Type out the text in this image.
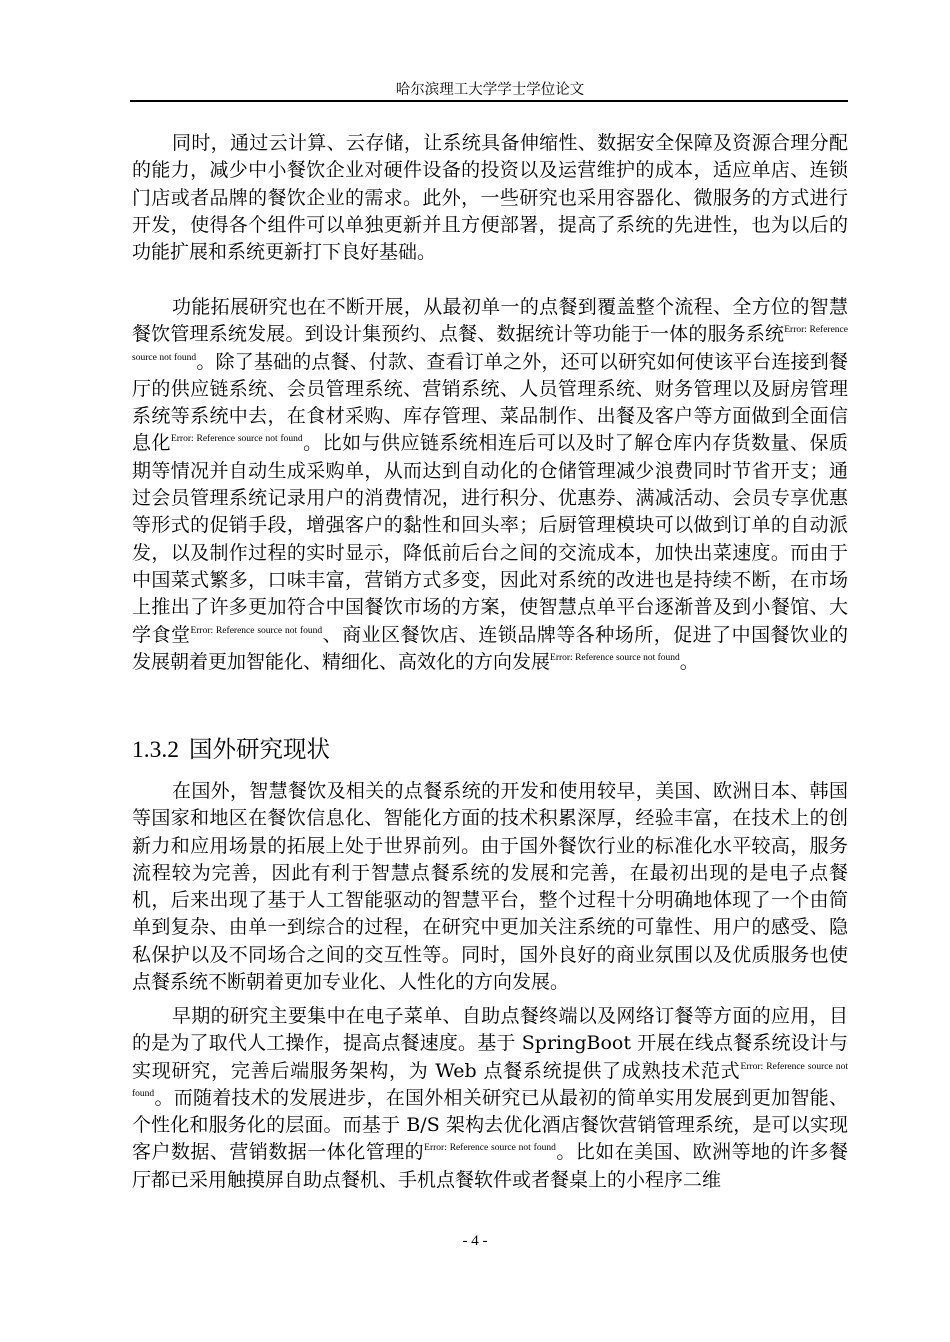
哈尔滨理工大学学士学位论文

同时，通过云计算、云存储，让系统具备伸缩性、数据安全保障及资源合理分配的能力，减少中小餐饮企业对硬件设备的投资以及运营维护的成本，适应单店、连锁门店或者品牌的餐饮企业的需求。此外，一些研究也采用容器化、微服务的方式进行开发，使得各个组件可以单独更新并且方便部署，提高了系统的先进性，也为以后的功能扩展和系统更新打下良好基础。

功能拓展研究也在不断开展，从最初单一的点餐到覆盖整个流程、全方位的智慧餐饮管理系统发展。到设计集预约、点餐、数据统计等功能于一体的服务系统$^{Error: Reference source not found}$。除了基础的点餐、付款、查看订单之外，还可以研究如何使该平台连接到餐厅的供应链系统、会员管理系统、营销系统、人员管理系统、财务管理以及厨房管理系统等系统中去，在食材采购、库存管理、菜品制作、出餐及客户等方面做到全面信息化$^{Error: Reference source not found}$。比如与供应链系统相连后可以及时了解仓库内存货数量、保质期等情况并自动生成采购单，从而达到自动化的仓储管理减少浪费同时节省开支；通过会员管理系统记录用户的消费情况，进行积分、优惠券、满减活动、会员专享优惠等形式的促销手段，增强客户的黏性和回头率；后厨管理模块可以做到订单的自动派发，以及制作过程的实时显示，降低前后台之间的交流成本，加快出菜速度。而由于中国菜式繁多，口味丰富，营销方式多变，因此对系统的改进也是持续不断，在市场上推出了许多更加符合中国餐饮市场的方案，使智慧点单平台逐渐普及到小餐馆、大学食堂$^{Error: Reference source not found}$、商业区餐饮店、连锁品牌等各种场所，促进了中国餐饮业的发展朝着更加智能化、精细化、高效化的方向发展$^{Error: Reference source not found}$。

1.3.2 国外研究现状

在国外，智慧餐饮及相关的点餐系统的开发和使用较早，美国、欧洲日本、韩国等国家和地区在餐饮信息化、智能化方面的技术积累深厚，经验丰富，在技术上的创新力和应用场景的拓展上处于世界前列。由于国外餐饮行业的标准化水平较高，服务流程较为完善，因此有利于智慧点餐系统的发展和完善，在最初出现的是电子点餐机，后来出现了基于人工智能驱动的智慧平台，整个过程十分明确地体现了一个由简单到复杂、由单一到综合的过程，在研究中更加关注系统的可靠性、用户的感受、隐私保护以及不同场合之间的交互性等。同时，国外良好的商业氛围以及优质服务也使点餐系统不断朝着更加专业化、人性化的方向发展。

早期的研究主要集中在电子菜单、自助点餐终端以及网络订餐等方面的应用，目的是为了取代人工操作，提高点餐速度。基于 SpringBoot 开展在线点餐系统设计与实现研究，完善后端服务架构，为 Web 点餐系统提供了成熟技术范式$^{Error: Reference source not found}$。而随着技术的发展进步，在国外相关研究已从最初的简单实用发展到更加智能、个性化和服务化的层面。而基于 B/S 架构去优化酒店餐饮营销管理系统，是可以实现客户数据、营销数据一体化管理的$^{Error: Reference source not found}$。比如在美国、欧洲等地的许多餐厅都已采用触摸屏自助点餐机、手机点餐软件或者餐桌上的小程序二维

- 4 -
